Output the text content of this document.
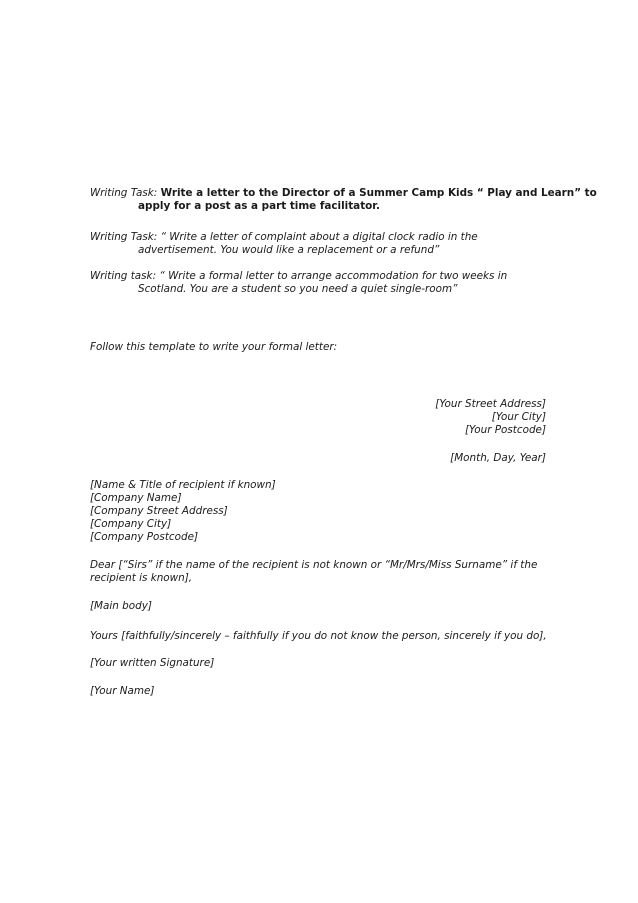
Writing Task: Write a letter to the Director of a Summer Camp Kids “ Play and Learn” to
apply for a post as a part time facilitator.
Writing Task: “ Write a letter of complaint about a digital clock radio in the
advertisement. You would like a replacement or a refund”
Writing task: “ Write a formal letter to arrange accommodation for two weeks in
Scotland. You are a student so you need a quiet single-room”
Follow this template to write your formal letter:
[Your Street Address]
[Your City]
[Your Postcode]
[Month, Day, Year]
[Name & Title of recipient if known]
[Company Name]
[Company Street Address]
[Company City]
[Company Postcode]
Dear [“Sirs” if the name of the recipient is not known or “Mr/Mrs/Miss Surname” if the
recipient is known],
[Main body]
Yours [faithfully/sincerely – faithfully if you do not know the person, sincerely if you do],
[Your written Signature]
[Your Name]
